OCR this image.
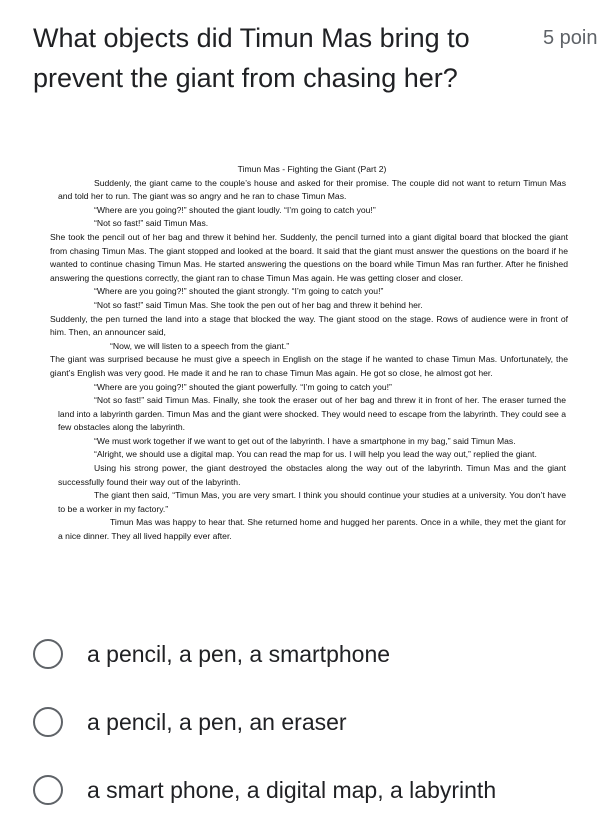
What objects did Timun Mas bring to prevent the giant from chasing her?
5 poin
Timun Mas - Fighting the Giant (Part 2)

Suddenly, the giant came to the couple’s house and asked for their promise. The couple did not want to return Timun Mas and told her to run. The giant was so angry and he ran to chase Timun Mas.

“Where are you going?!” shouted the giant loudly. “I’m going to catch you!”

“Not so fast!” said Timun Mas.

She took the pencil out of her bag and threw it behind her. Suddenly, the pencil turned into a giant digital board that blocked the giant from chasing Timun Mas. The giant stopped and looked at the board. It said that the giant must answer the questions on the board if he wanted to continue chasing Timun Mas. He started answering the questions on the board while Timun Mas ran further. After he finished answering the questions correctly, the giant ran to chase Timun Mas again. He was getting closer and closer.

“Where are you going?!” shouted the giant strongly. “I’m going to catch you!”

“Not so fast!” said Timun Mas. She took the pen out of her bag and threw it behind her.

Suddenly, the pen turned the land into a stage that blocked the way. The giant stood on the stage. Rows of audience were in front of him. Then, an announcer said,

“Now, we will listen to a speech from the giant.”

The giant was surprised because he must give a speech in English on the stage if he wanted to chase Timun Mas. Unfortunately, the giant’s English was very good. He made it and he ran to chase Timun Mas again. He got so close, he almost got her.

“Where are you going?!” shouted the giant powerfully. “I’m going to catch you!”

“Not so fast!” said Timun Mas. Finally, she took the eraser out of her bag and threw it in front of her. The eraser turned the land into a labyrinth garden. Timun Mas and the giant were shocked. They would need to escape from the labyrinth. They could see a few obstacles along the labyrinth.

“We must work together if we want to get out of the labyrinth. I have a smartphone in my bag,” said Timun Mas.

“Alright, we should use a digital map. You can read the map for us. I will help you lead the way out,” replied the giant.

Using his strong power, the giant destroyed the obstacles along the way out of the labyrinth. Timun Mas and the giant successfully found their way out of the labyrinth.

The giant then said, “Timun Mas, you are very smart. I think you should continue your studies at a university. You don’t have to be a worker in my factory.”

Timun Mas was happy to hear that. She returned home and hugged her parents. Once in a while, they met the giant for a nice dinner. They all lived happily ever after.

a pencil, a pen, a smartphone
a pencil, a pen, an eraser
a smart phone, a digital map, a labyrinth
